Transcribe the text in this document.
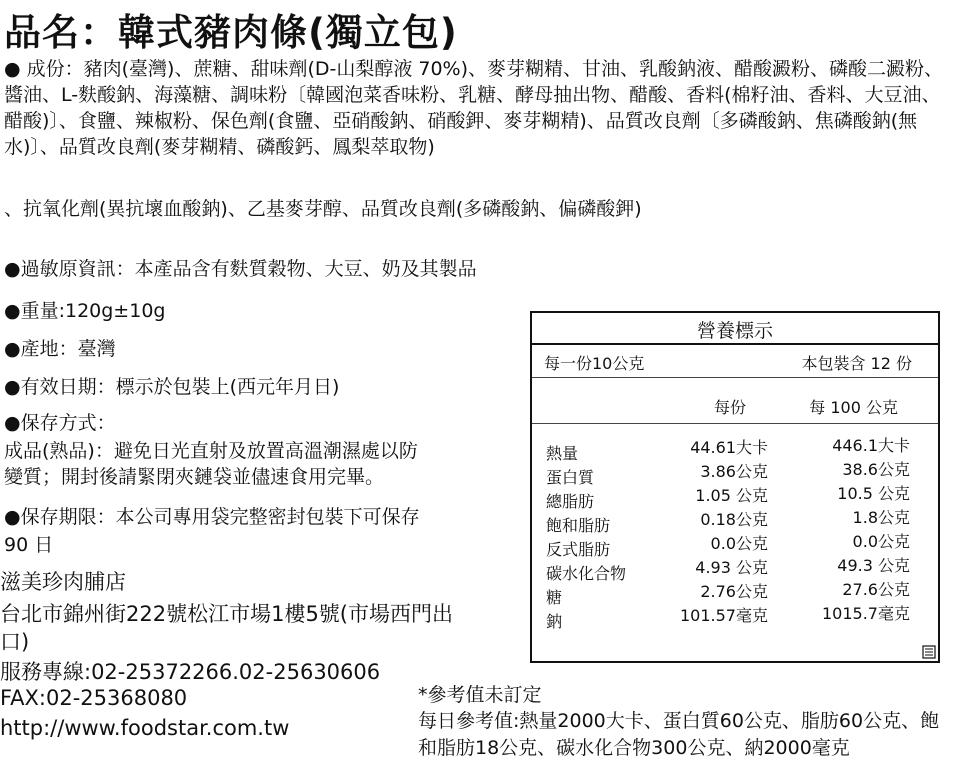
品名：韓式豬肉條(獨立包)
● 成份：豬肉(臺灣)、蔗糖、甜味劑(D-山梨醇液 70%)、麥芽糊精、甘油、乳酸鈉液、醋酸澱粉、磷酸二澱粉、醬油、L-麩酸鈉、海藻糖、調味粉〔韓國泡菜香味粉、乳糖、酵母抽出物、醋酸、香料(棉籽油、香料、大豆油、醋酸)〕、食鹽、辣椒粉、保色劑(食鹽、亞硝酸鈉、硝酸鉀、麥芽糊精)、品質改良劑〔多磷酸鈉、焦磷酸鈉(無水)〕、品質改良劑(麥芽糊精、磷酸鈣、鳳梨萃取物)
、抗氧化劑(異抗壞血酸鈉)、乙基麥芽醇、品質改良劑(多磷酸鈉、偏磷酸鉀)
●過敏原資訊：本產品含有麩質穀物、大豆、奶及其製品
●重量:120g±10g
●產地：臺灣
●有效日期：標示於包裝上(西元年月日)
●保存方式：
成品(熟品)：避免日光直射及放置高溫潮濕處以防
變質；開封後請緊閉夾鏈袋並儘速食用完畢。
●保存期限：本公司專用袋完整密封包裝下可保存
90 日
滋美珍肉脯店
台北市錦州街222號松江市場1樓5號(市場西門出
口)
服務專線:02-25372266.02-25630606
FAX:02-25368080
http://www.foodstar.com.tw
營養標示
每一份10公克	本包裝含 12 份
每份	每 100 公克
熱量	44.61大卡	446.1大卡
蛋白質	3.86公克	38.6公克
總脂肪	1.05 公克	10.5 公克
飽和脂肪	0.18公克	1.8公克
反式脂肪	0.0公克	0.0公克
碳水化合物	4.93 公克	49.3 公克
糖	2.76公克	27.6公克
鈉	101.57毫克	1015.7毫克
*參考值未訂定
每日參考值:熱量2000大卡、蛋白質60公克、脂肪60公克、飽和脂肪18公克、碳水化合物300公克、納2000毫克
